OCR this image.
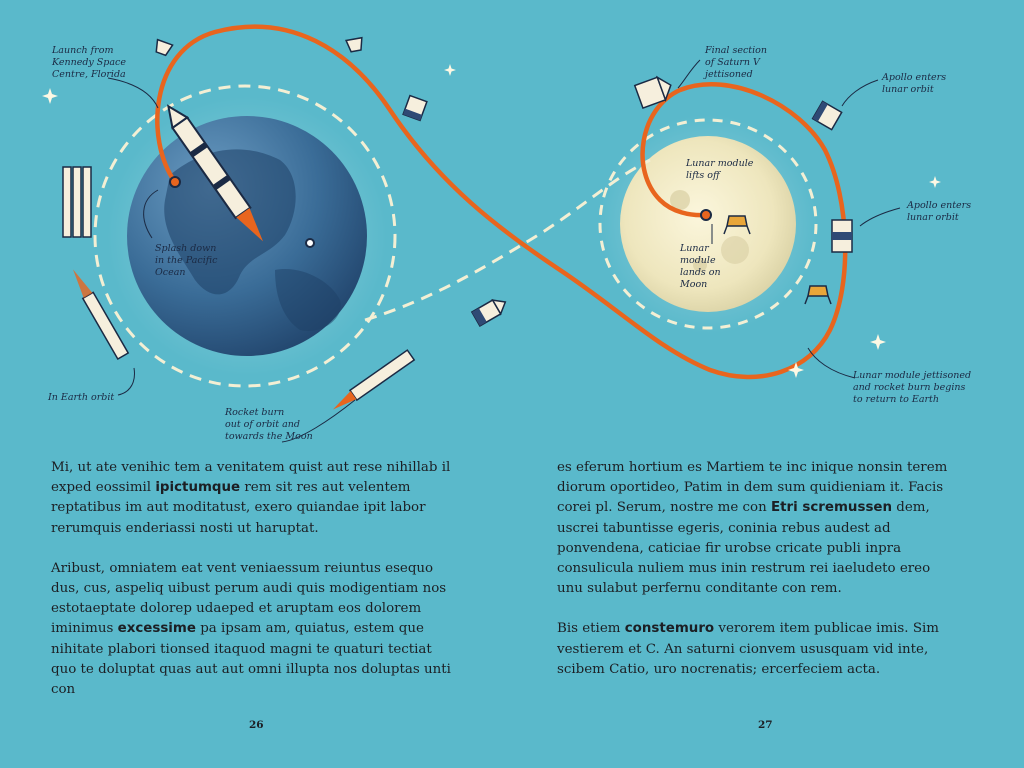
Launch from
Kennedy Space
Centre, Florida
Splash down
in the Pacific
Ocean
In Earth orbit
Rocket burn
out of orbit and
towards the Moon
Final section
of Saturn V
jettisoned	Apollo enters
lunar orbit
Apollo enters
lunar orbit
Lunar module
lifts off
Lunar
module
lands on
Moon
Lunar module jettisoned
and rocket burn begins
to return to Earth

Mi, ut ate venihic tem a venitatem quist aut rese nihillab il exped eossimil ipictumque rem sit res aut velentem reptatibus im aut moditatust, exero quiandae ipit labor rerumquis enderiassi nosti ut haruptat.

Aribust, omniatem eat vent veniaessum reiuntus esequo dus, cus, aspeliq uibust perum audi quis modigentiam nos estotaeptate dolorep udaeped et aruptam eos dolorem iminimus excessime pa ipsam am, quiatus, estem que nihitate plabori tionsed itaquod magni te quaturi tectiat quo te doluptat quas aut aut omni illupta nos doluptas unti con

26

es eferum hortium es Martiem te inc inique nonsin terem diorum oportideo, Patim in dem sum quidieniam it. Facis corei pl. Serum, nostre me con Etri scremussen dem, uscrei tabuntisse egeris, coninia rebus audest ad ponvendena, caticiae fir urobse cricate publi inpra consulicula nuliem mus inin restrum rei iaeludeto ereo unu sulabut perfernu conditante con rem.

Bis etiem constemuro verorem item publicae imis. Sim vestierem et C. An saturni cionvem ususquam vid inte, scibem Catio, uro nocrenatis; ercerfeciem acta.

27
